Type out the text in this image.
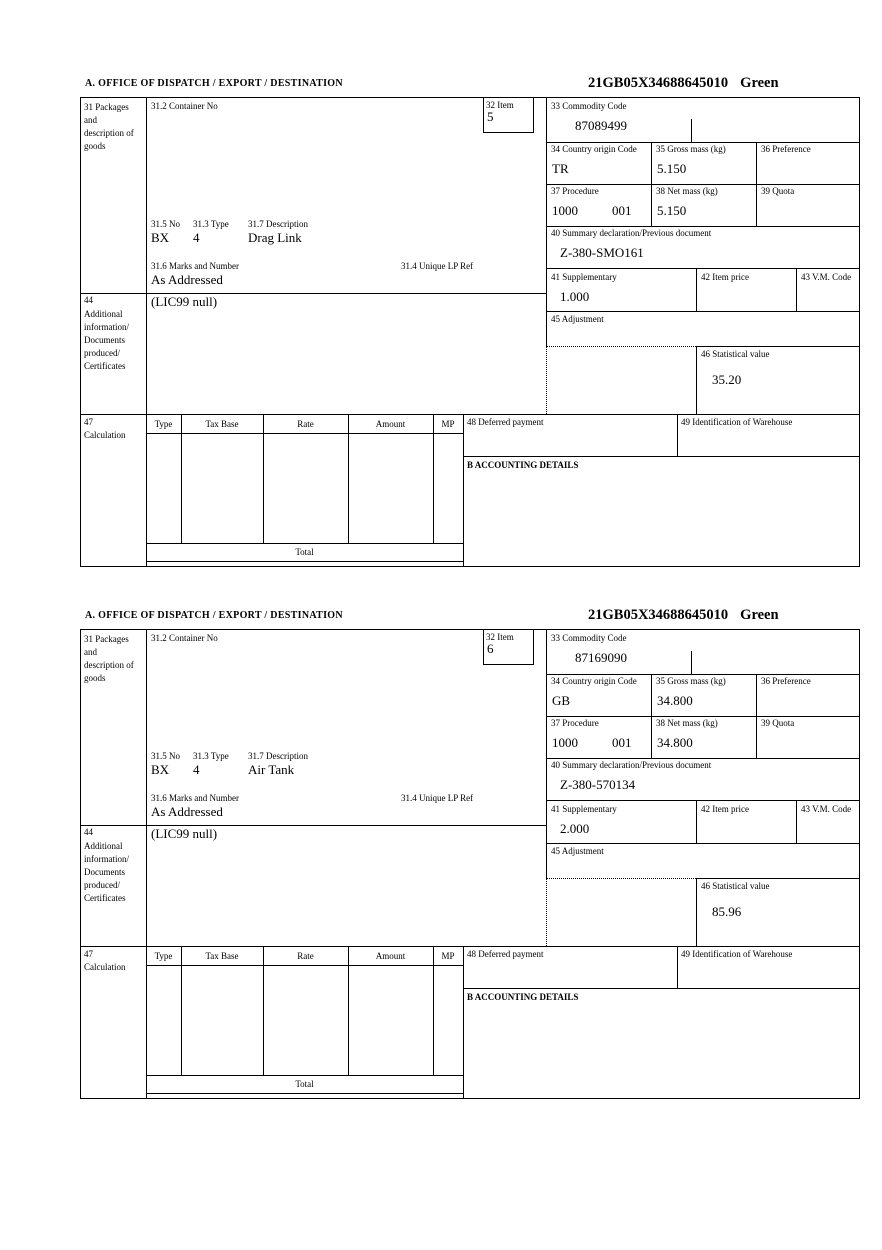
A. OFFICE OF DISPATCH / EXPORT / DESTINATION	21GB05X34688645010 Green
31 Packages and description of goods
44
Additional information/ Documents produced/ Certificates
47
Calculation
31.2 Container No
31.5 No 31.3 Type 31.7 Description
BX 4	Drag Link
31.6 Marks and Number	31.4 Unique LP Ref
As Addressed
(LIC99 null)
32 Item
5
33 Commodity Code
87089499
34 Country origin Code
TR
35 Gross mass (kg)
5.150
36 Preference
37 Procedure
1000	001
38 Net mass (kg)
5.150
39 Quota
40 Summary declaration/Previous document
Z-380-SMO161
41 Supplementary
1.000
42 Item price	43 V.M. Code
45 Adjustment
46 Statistical value
35.20
Type	Tax Base	Rate	Amount	MP
Total
48 Deferred payment	49 Identification of Warehouse
B ACCOUNTING DETAILS
A. OFFICE OF DISPATCH / EXPORT / DESTINATION	21GB05X34688645010 Green
31 Packages and description of goods
44
Additional information/ Documents produced/ Certificates
47
Calculation
31.2 Container No
31.5 No 31.3 Type 31.7 Description
BX 4	Air Tank
31.6 Marks and Number	31.4 Unique LP Ref
As Addressed
(LIC99 null)
32 Item
6
33 Commodity Code
87169090
34 Country origin Code
GB
35 Gross mass (kg)
34.800
36 Preference
37 Procedure
1000	001
38 Net mass (kg)
34.800
39 Quota
40 Summary declaration/Previous document
Z-380-570134
41 Supplementary
2.000
42 Item price	43 V.M. Code
45 Adjustment
46 Statistical value
85.96
Type	Tax Base	Rate	Amount	MP
Total
48 Deferred payment	49 Identification of Warehouse
B ACCOUNTING DETAILS
